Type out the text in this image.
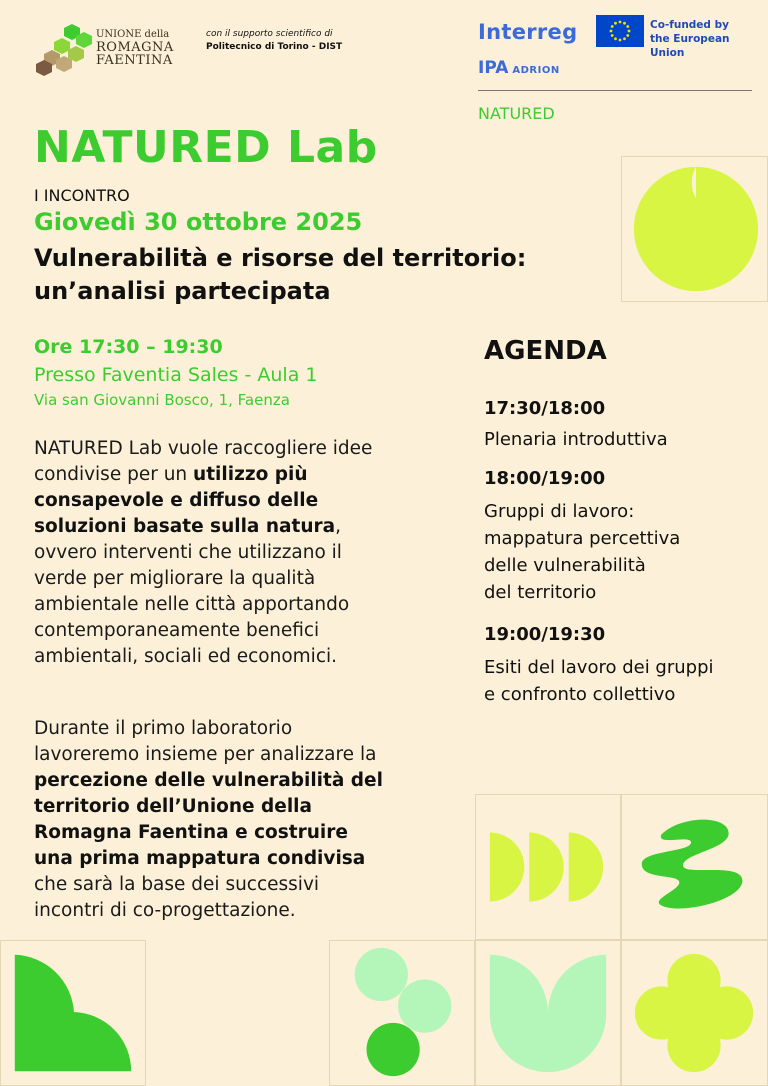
UNIONE della
ROMAGNA
FAENTINA
con il supporto scientifico di
Politecnico di Torino - DIST
Interreg
IPA ADRION
Co-funded by
the European Union
NATURED
NATURED Lab
I INCONTRO
Giovedì 30 ottobre 2025
Vulnerabilità e risorse del territorio:
un’analisi partecipata
Ore 17:30 – 19:30
Presso Faventia Sales - Aula 1
Via san Giovanni Bosco, 1, Faenza
NATURED Lab vuole raccogliere idee condivise per un utilizzo più consapevole e diffuso delle soluzioni basate sulla natura, ovvero interventi che utilizzano il verde per migliorare la qualità ambientale nelle città apportando contemporaneamente benefici ambientali, sociali ed economici.
Durante il primo laboratorio lavoreremo insieme per analizzare la percezione delle vulnerabilità del territorio dell’Unione della Romagna Faentina e costruire una prima mappatura condivisa che sarà la base dei successivi incontri di co-progettazione.
AGENDA
17:30/18:00
Plenaria introduttiva
18:00/19:00
Gruppi di lavoro:
mappatura percettiva
delle vulnerabilità
del territorio
19:00/19:30
Esiti del lavoro dei gruppi
e confronto collettivo
